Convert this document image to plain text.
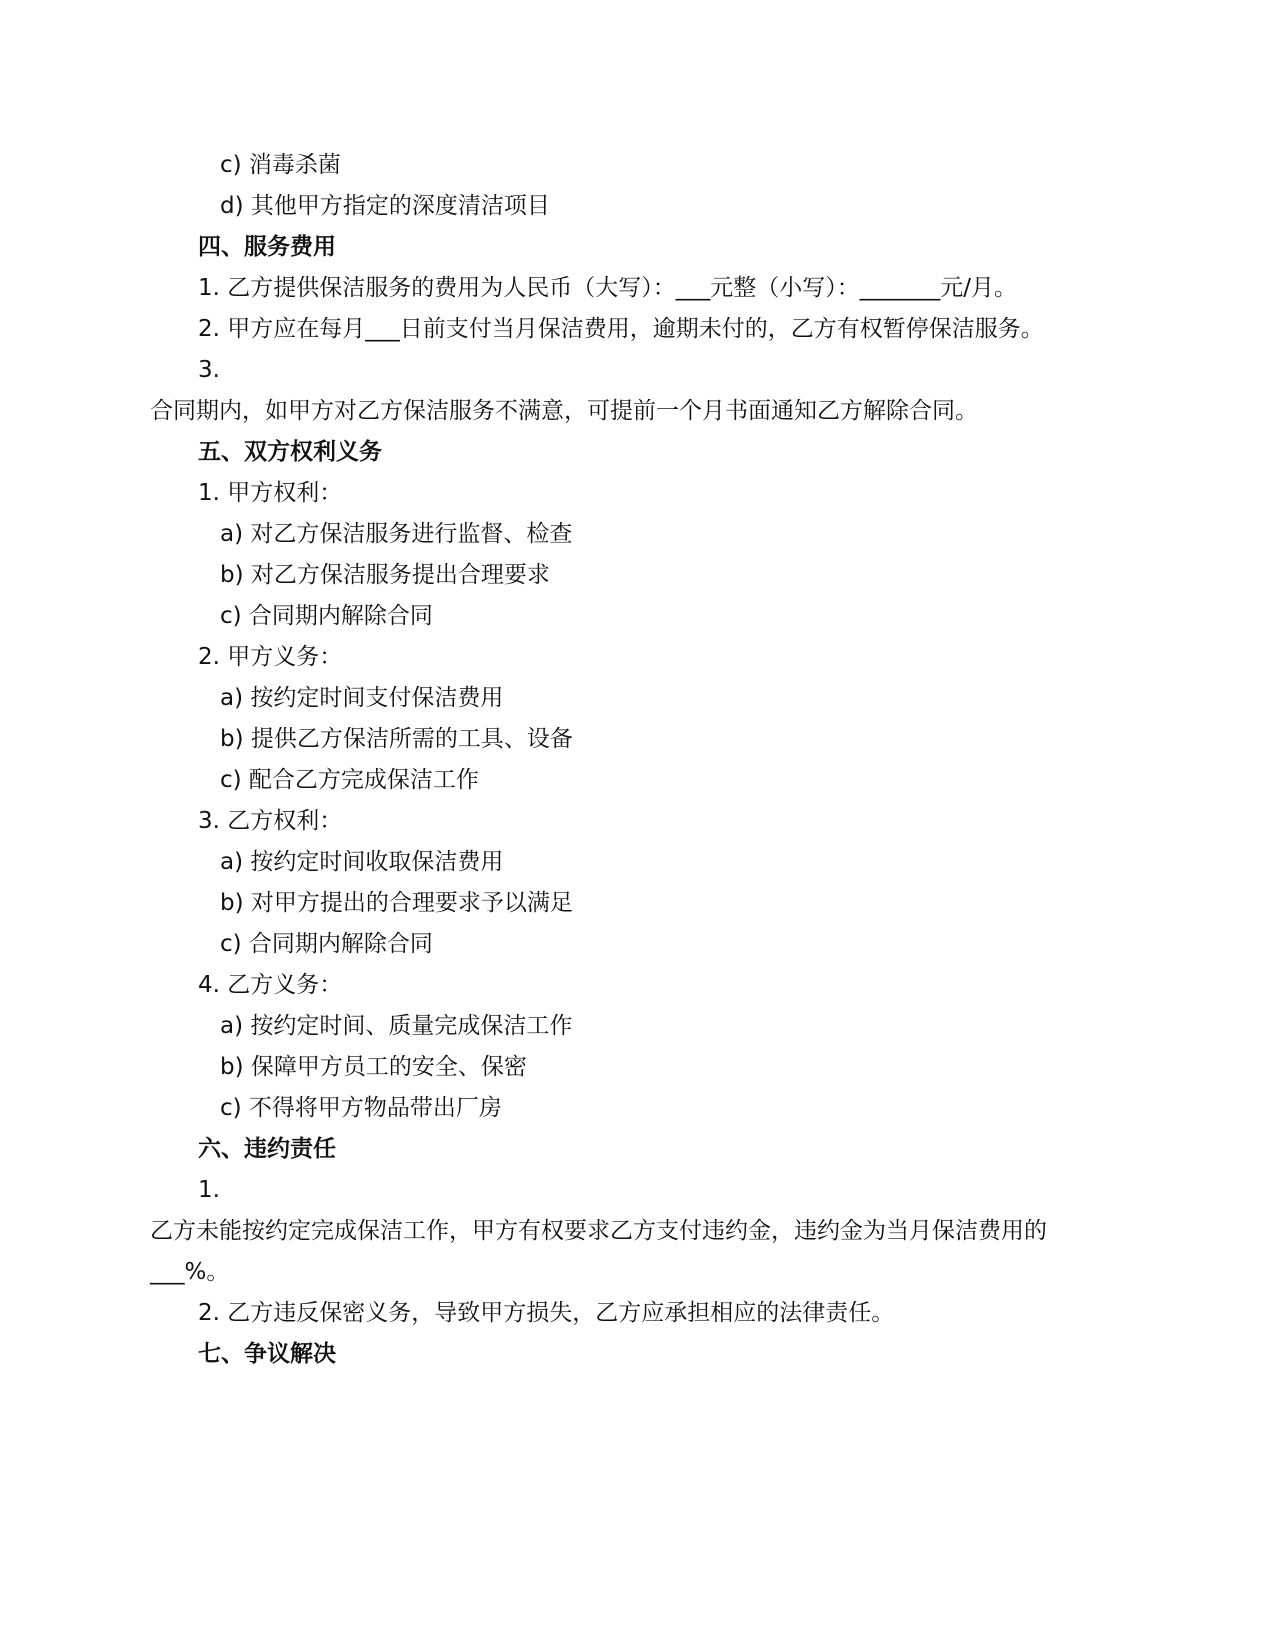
c) 消毒杀菌
d) 其他甲方指定的深度清洁项目
四、服务费用
1. 乙方提供保洁服务的费用为人民币（大写）：___元整（小写）：_______元/月。
2. 甲方应在每月___日前支付当月保洁费用，逾期未付的，乙方有权暂停保洁服务。
3.
合同期内，如甲方对乙方保洁服务不满意，可提前一个月书面通知乙方解除合同。
五、双方权利义务
1. 甲方权利：
a) 对乙方保洁服务进行监督、检查
b) 对乙方保洁服务提出合理要求
c) 合同期内解除合同
2. 甲方义务：
a) 按约定时间支付保洁费用
b) 提供乙方保洁所需的工具、设备
c) 配合乙方完成保洁工作
3. 乙方权利：
a) 按约定时间收取保洁费用
b) 对甲方提出的合理要求予以满足
c) 合同期内解除合同
4. 乙方义务：
a) 按约定时间、质量完成保洁工作
b) 保障甲方员工的安全、保密
c) 不得将甲方物品带出厂房
六、违约责任
1.
乙方未能按约定完成保洁工作，甲方有权要求乙方支付违约金，违约金为当月保洁费用的
___%。
2. 乙方违反保密义务，导致甲方损失，乙方应承担相应的法律责任。
七、争议解决
